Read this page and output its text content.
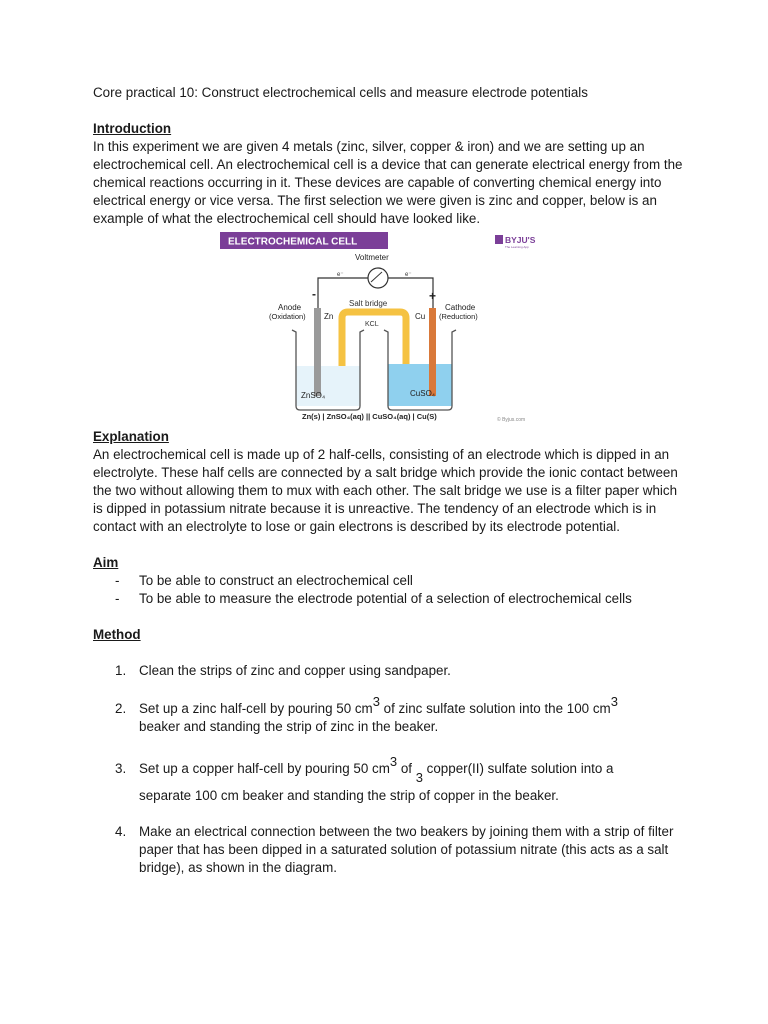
Core practical 10: Construct electrochemical cells and measure electrode potentials

Introduction

In this experiment we are given 4 metals (zinc, silver, copper & iron) and we are setting up an electrochemical cell. An electrochemical cell is a device that can generate electrical energy from the chemical reactions occurring in it. These devices are capable of converting chemical energy into electrical energy or vice versa. The first selection we were given is zinc and copper, below is an example of what the electrochemical cell should have looked like.

ELECTROCHEMICAL CELL	BYJU'S
The Learning App
Voltmeter
e⁻	e⁻
-	+
Salt bridge
KCL
ZnSO₄	CuSO₄
Anode
(Oxidation) Zn	Cu
Cathode
(Reduction)
Zn(s) | ZnSO₄(aq) || CuSO₄(aq) | Cu(S)	© Byjus.com

Explanation

An electrochemical cell is made up of 2 half-cells, consisting of an electrode which is dipped in an electrolyte. These half cells are connected by a salt bridge which provide the ionic contact between the two without allowing them to mux with each other. The salt bridge we use is a filter paper which is dipped in potassium nitrate because it is unreactive. The tendency of an electrode which is in contact with an electrolyte to lose or gain electrons is described by its electrode potential.

Aim

- To be able to construct an electrochemical cell
- To be able to measure the electrode potential of a selection of electrochemical cells

Method

1. Clean the strips of zinc and copper using sandpaper.
2. Set up a zinc half-cell by pouring 50 cm3 of zinc sulfate solution into the 100 cm3
beaker and standing the strip of zinc in the beaker.
3. Set up a copper half-cell by pouring 50 cm3 of 3 copper(II) sulfate solution into a
separate 100 cm beaker and standing the strip of copper in the beaker.
4. Make an electrical connection between the two beakers by joining them with a strip of filter paper that has been dipped in a saturated solution of potassium nitrate (this acts as a salt bridge), as shown in the diagram.
